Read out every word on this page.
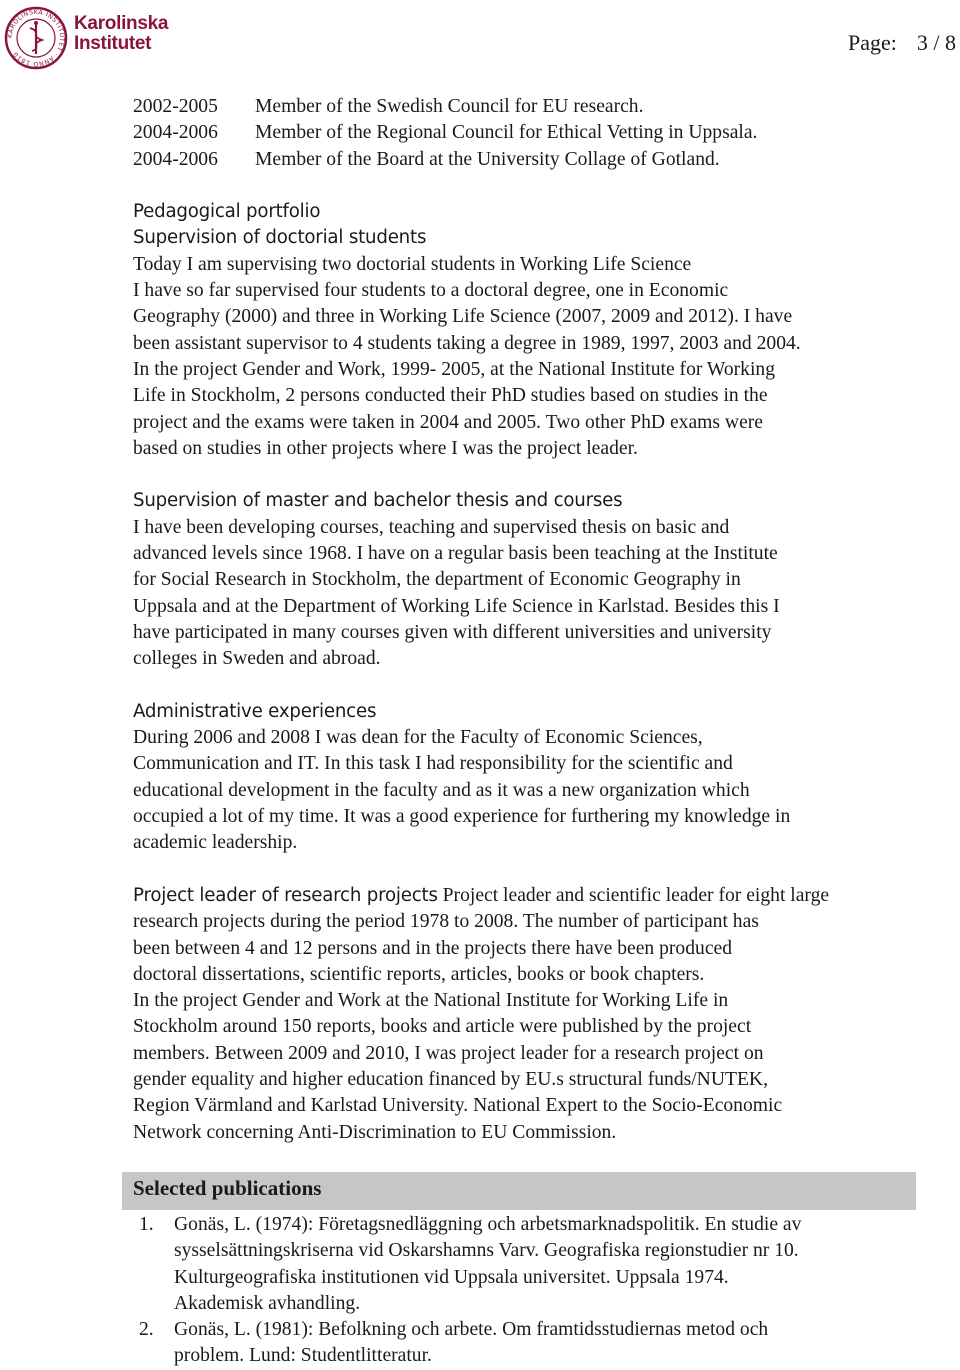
KAROLINSKA INSTITUTET · ANNO 1810
Karolinska
Institutet	Page: 3 / 8
2002-2005 Member of the Swedish Council for EU research.
2004-2006 Member of the Regional Council for Ethical Vetting in Uppsala.
2004-2006 Member of the Board at the University Collage of Gotland.
Pedagogical portfolio
Supervision of doctorial students
Today I am supervising two doctorial students in Working Life Science
I have so far supervised four students to a doctoral degree, one in Economic
Geography (2000) and three in Working Life Science (2007, 2009 and 2012). I have
been assistant supervisor to 4 students taking a degree in 1989, 1997, 2003 and 2004.
In the project Gender and Work, 1999- 2005, at the National Institute for Working
Life in Stockholm, 2 persons conducted their PhD studies based on studies in the
project and the exams were taken in 2004 and 2005. Two other PhD exams were
based on studies in other projects where I was the project leader.
Supervision of master and bachelor thesis and courses
I have been developing courses, teaching and supervised thesis on basic and
advanced levels since 1968. I have on a regular basis been teaching at the Institute
for Social Research in Stockholm, the department of Economic Geography in
Uppsala and at the Department of Working Life Science in Karlstad. Besides this I
have participated in many courses given with different universities and university
colleges in Sweden and abroad.
Administrative experiences
During 2006 and 2008 I was dean for the Faculty of Economic Sciences,
Communication and IT. In this task I had responsibility for the scientific and
educational development in the faculty and as it was a new organization which
occupied a lot of my time. It was a good experience for furthering my knowledge in
academic leadership.
Project leader of research projects Project leader and scientific leader for eight large
research projects during the period 1978 to 2008. The number of participant has
been between 4 and 12 persons and in the projects there have been produced
doctoral dissertations, scientific reports, articles, books or book chapters.
In the project Gender and Work at the National Institute for Working Life in
Stockholm around 150 reports, books and article were published by the project
members. Between 2009 and 2010, I was project leader for a research project on
gender equality and higher education financed by EU.s structural funds/NUTEK,
Region Värmland and Karlstad University. National Expert to the Socio-Economic
Network concerning Anti-Discrimination to EU Commission.
Selected publications
1. Gonäs, L. (1974): Företagsnedläggning och arbetsmarknadspolitik. En studie av
sysselsättningskriserna vid Oskarshamns Varv. Geografiska regionstudier nr 10.
Kulturgeografiska institutionen vid Uppsala universitet. Uppsala 1974.
Akademisk avhandling.
2. Gonäs, L. (1981): Befolkning och arbete. Om framtidsstudiernas metod och
problem. Lund: Studentlitteratur.
